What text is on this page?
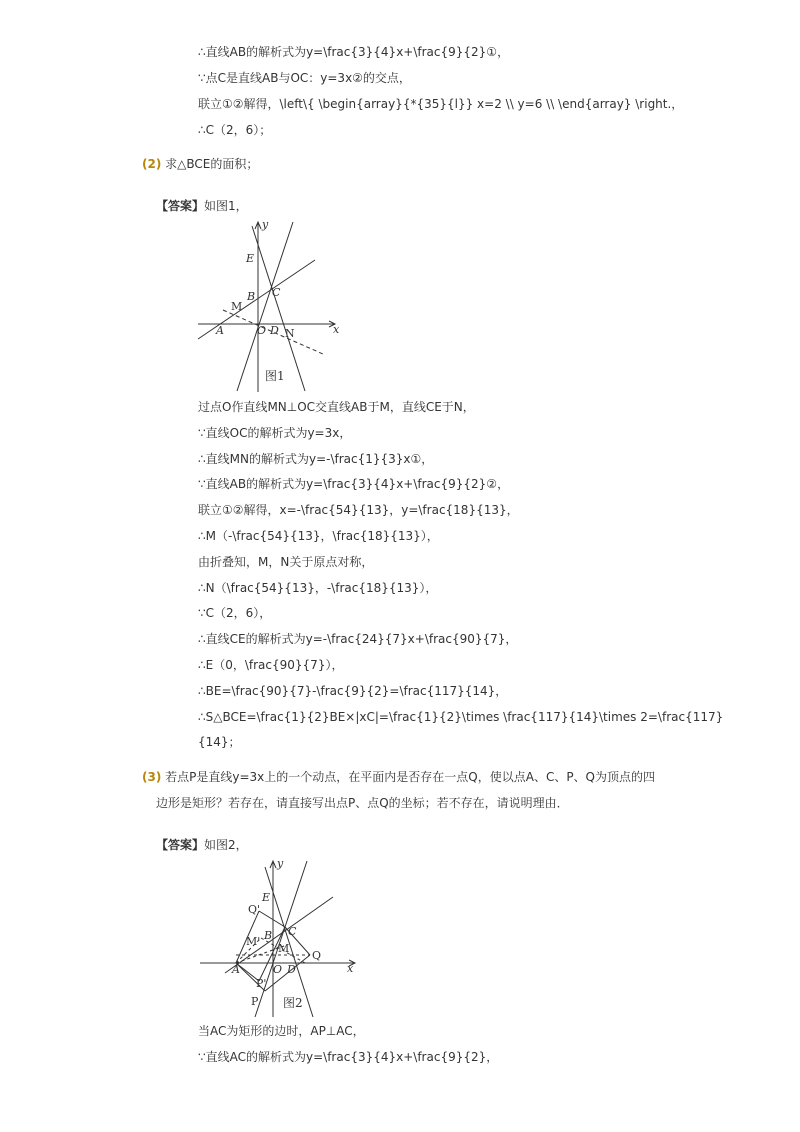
∴直线AB的解析式为y=\frac{3}{4}x+\frac{9}{2}①，
∵点C是直线AB与OC：y=3x②的交点，
联立①②解得，\left\{ \begin{array}{*{35}{l}} x=2 \\ y=6 \\ \end{array} \right.，
∴C（2，6）；
(2) 求△BCE的面积；
【答案】如图1，
y
x
E
B C
M
A	O D N
图1
过点O作直线MN⊥OC交直线AB于M，直线CE于N，
∵直线OC的解析式为y=3x，
∴直线MN的解析式为y=-\frac{1}{3}x①，
∵直线AB的解析式为y=\frac{3}{4}x+\frac{9}{2}②，
联立①②解得，x=-\frac{54}{13}，y=\frac{18}{13}，
∴M（-\frac{54}{13}，\frac{18}{13}），
由折叠知，M，N关于原点对称，
∴N（\frac{54}{13}，-\frac{18}{13}），
∵C（2，6），
∴直线CE的解析式为y=-\frac{24}{7}x+\frac{90}{7}，
∴E（0，\frac{90}{7}），
∴BE=\frac{90}{7}-\frac{9}{2}=\frac{117}{14}，
∴S△BCE=\frac{1}{2}BE×|xC|=\frac{1}{2}\times \frac{117}{14}\times 2=\frac{117}
{14}；
(3) 若点P是直线y=3x上的一个动点，在平面内是否存在一点Q，使以点A、C、P、Q为顶点的四
边形是矩形？若存在，请直接写出点P、点Q的坐标；若不存在，请说明理由．
【答案】如图2，
y
x
E
Q'
B C
M'
M
Q
A	O D
P'
P 图2
当AC为矩形的边时，AP⊥AC，
∵直线AC的解析式为y=\frac{3}{4}x+\frac{9}{2}，
